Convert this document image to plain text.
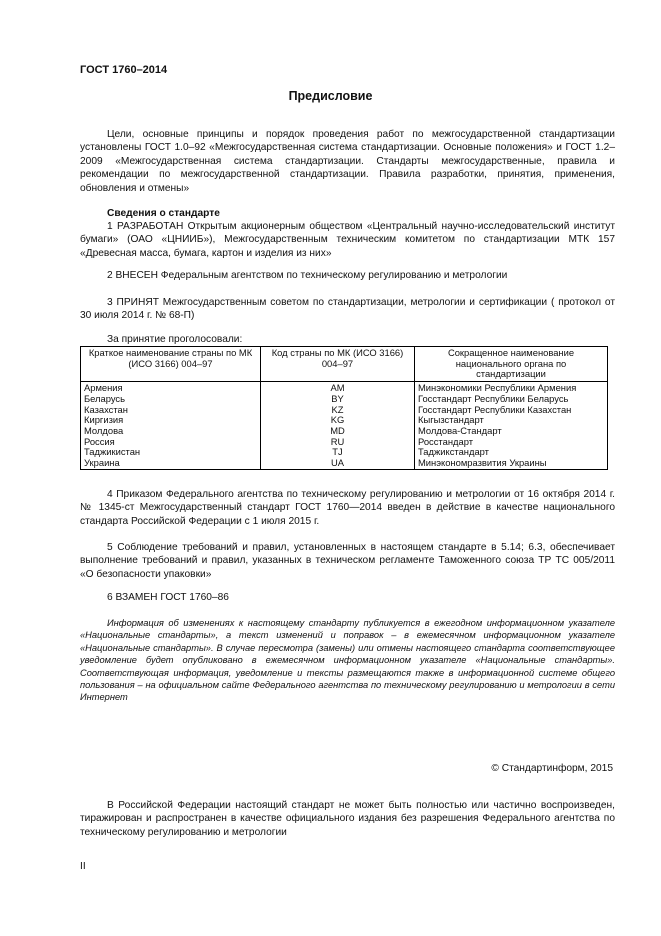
ГОСТ 1760–2014
Предисловие

Цели, основные принципы и порядок проведения работ по межгосударственной стандартизации установлены ГОСТ 1.0–92 «Межгосударственная система стандартизации. Основные положения» и ГОСТ 1.2–2009 «Межгосударственная система стандартизации. Стандарты межгосударственные, правила и рекомендации по межгосударственной стандартизации. Правила разработки, принятия, применения, обновления и отмены»

Сведения о стандарте

1 РАЗРАБОТАН Открытым акционерным обществом «Центральный научно-исследовательский институт бумаги» (ОАО «ЦНИИБ»), Межгосударственным техническим комитетом по стандартизации МТК 157 «Древесная масса, бумага, картон и изделия из них»

2 ВНЕСЕН Федеральным агентством по техническому регулированию и метрологии

3 ПРИНЯТ Межгосударственным советом по стандартизации, метрологии и сертификации ( протокол от 30 июля 2014 г. № 68-П)

За принятие проголосовали:
Краткое наименование страны по МК (ИСО 3166) 004–97	Код страны по МК (ИСО 3166) 004–97	Сокращенное наименование национального органа по стандартизации
Армения	AM	Минэкономики Республики Армения
Беларусь	BY	Госстандарт Республики Беларусь
Казахстан	KZ	Госстандарт Республики Казахстан
Киргизия	KG	Кыгызстандарт
Молдова	MD	Молдова-Стандарт
Россия	RU	Росстандарт
Таджикистан	TJ	Таджикстандарт
Украина	UA	Минэкономразвития Украины

4 Приказом Федерального агентства по техническому регулированию и метрологии от 16 октября 2014 г. № 1345-ст Межгосударственный стандарт ГОСТ 1760—2014 введен в действие в качестве национального стандарта Российской Федерации с 1 июля 2015 г.

5 Соблюдение требований и правил, установленных в настоящем стандарте в 5.14; 6.3, обеспечивает выполнение требований и правил, указанных в техническом регламенте Таможенного союза ТР ТС 005/2011 «О безопасности упаковки»

6 ВЗАМЕН ГОСТ 1760–86

Информация об изменениях к настоящему стандарту публикуется в ежегодном информационном указателе «Национальные стандарты», а текст изменений и поправок – в ежемесячном информационном указателе «Национальные стандарты». В случае пересмотра (замены) или отмены настоящего стандарта соответствующее уведомление будет опубликовано в ежемесячном информационном указателе «Национальные стандарты». Соответствующая информация, уведомление и тексты размещаются также в информационной системе общего пользования – на официальном сайте Федерального агентства по техническому регулированию и метрологии в сети Интернет

© Стандартинформ, 2015

В Российской Федерации настоящий стандарт не может быть полностью или частично воспроизведен, тиражирован и распространен в качестве официального издания без разрешения Федерального агентства по техническому регулированию и метрологии

II
